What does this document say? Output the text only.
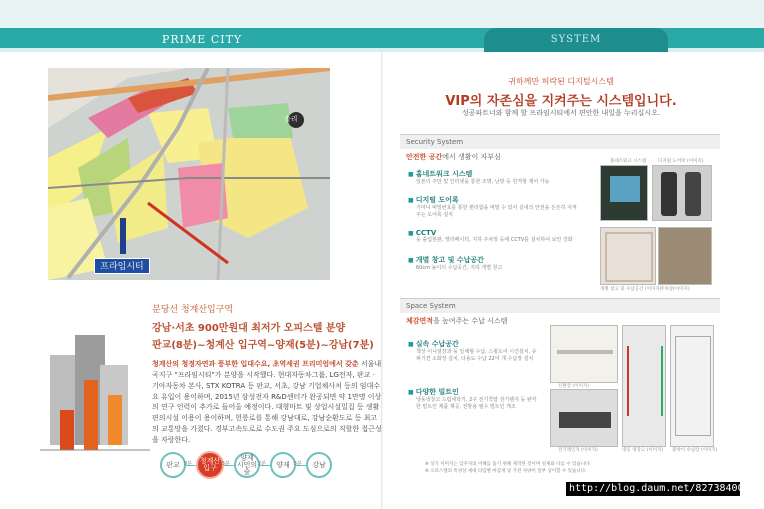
PRIME CITY	SYSTEM
솔리
프라임시티
분당선 청계산입구역
강남·서초 900만원대 최저가 오피스텔 분양
판교(8분)~청계산 입구역~양재(5분)~강남(7분)
청계산의 청정자연과 풍부한 입대수요, 초역세권 프리미엄에서 갖춘 서울내곡지구 "프라임시티"가 분양을 시작했다. 현대자동차그룹, LG전자, 판교 · 기아자동차 본사, STX KOTRA 등 판교, 서초, 강남 기업체사처 등의 임대수요 유입이 용이하며, 2015년 삼성전자 R&D센터가 완공되면 약 1만명 이상의 연구 인력이 추가로 들어올 예정이다. 대형마트 및 상업시설밀집 등 생활편의시설 이용이 용이하며, 헌릉로를 통해 강남대로, 강남순환도로 등 최고의 교통망을 가졌다. 경부고속도로로 수도권 주요 도심으로의 직할한 접근성을 자랑한다.
판교 8분	청계산 입구
5분
양재 시민의숲
2분	양재 5분	강남
귀하께만 허락된 디지털시스템
VIP의 자존심을 지켜주는 시스템입니다.
성공파트너와 함께 할 프라임시티에서 편안한 내일을 누리십시오.
Security System
안전한 공간에서 생활이 자부심
■ 홈네트워크 시스템
일본의 주안 및 인터넷을 통한 조명, 난방 등 원격항 제어 가능
■ 디지털 도어록
기마니 비밀번호를 통한 편리함을 비밀 수 있어 실내의 안전을 든든히 지켜주는 도어록 설치
■ CCTV
등 출입현관, 엘리베이터, 지하 주차장 등에 CCTV를 설치하여 보안 강화
■ 개별 창고 및 수납공간
60cm 높이의 수납공간, 지하 개별 창고
홈네트워크 시스템	디지털 도어락 (이미지)
개별 창고 및 수납공간 (이미지)
주차장(이미지)
Space System
체감면적을 높여주는 수납 시스템
■ 실속 수납공간
책상 이니셜장과 등 일체형 수납, 스윙도어 시건설치, 슈퍼기견 소화장 설치, 다용도 수납 22여 개 수납장 설치
■ 다양한 빌트인
냉동냉장고 드럼세탁기, 2구 전기쿡탑 전기렌지 등 완각한 빌트인 제품 제공, 전방용 필수 빌트인 개조
신발장 (이미지)
전기레인지 (이미지)	냉동 냉장고 (이미지) 붙박이 수납장 (이미지)
※ 상기 이미지는 입주자의 이해를 돕기 위해 제작된 것이며 실제와 다를 수 있습니다.
※ 오피스텔의 특성상 세대 타입별 마감재 및 가전 사양이 일부 상이할 수 있습니다.
http://blog.daum.net/82738400
